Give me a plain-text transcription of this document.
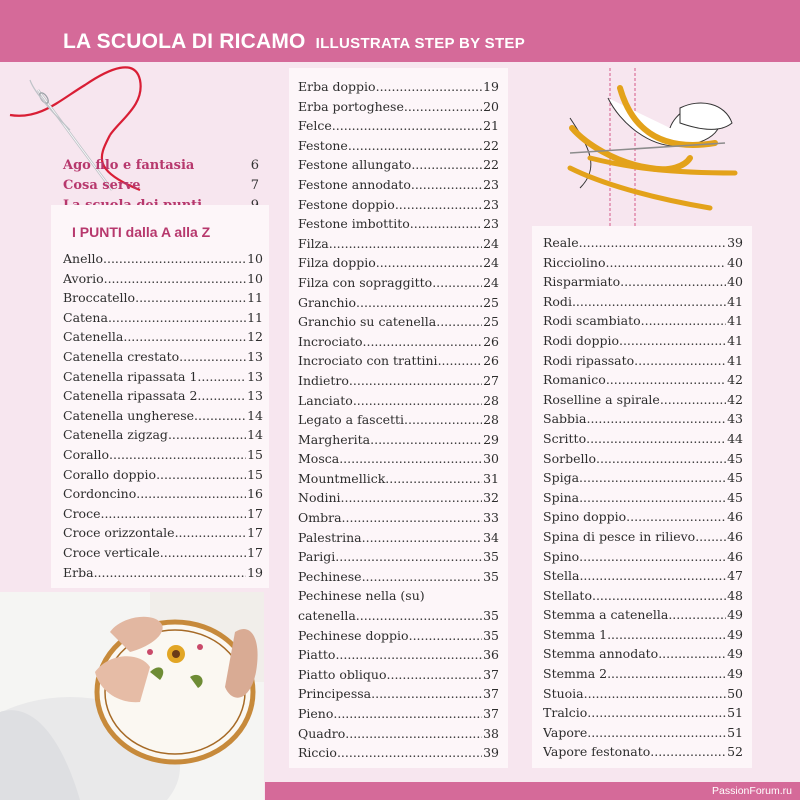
LA SCUOLA DI RICAMO ILLUSTRATA STEP BY STEP
Ago filo e fantasia	6
Cosa serve	7
I PUNTI dalla A alla Z
Anello .....	10
Avorio .....	10
Broccatello .....	11
Catena .....	11
Catenella .....	12
Catenella crestato .....	13
Catenella ripassata 1 .....	13
Catenella ripassata 2 .....	13
Catenella ungherese .....	14
Catenella zigzag .....	14
Corallo .....	15
Corallo doppio .....	15
Cordoncino .....	16
Croce .....	17
Croce orizzontale .....	17
Croce verticale .....	17
Erba .....	19
Erba doppio .....	19
Erba portoghese .....	20
Felce .....	21
Festone .....	22
Festone allungato .....	22
Festone annodato .....	23
Festone doppio .....	23
Festone imbottito .....	23
Filza .....	24
Filza doppio .....	24
Filza con sopraggitto .....	24
Granchio .....	25
Granchio su catenella .....	25
Incrociato .....	26
Incrociato con trattini .....	26
Indietro .....	27
Lanciato .....	28
Legato a fascetti .....	28
Margherita .....	29
Mosca .....	30
Mountmellick .....	31
Nodini .....	32
Ombra .....	33
Palestrina .....	34
Parigi .....	35
Pechinese .....	35
Pechinese nella (su)
catenella .....	35
Pechinese doppio .....	35
Piatto .....	36
Piatto obliquo .....	37
Principessa .....	37
Pieno .....	37
Quadro .....	38
Riccio .....	39
Reale .....	39
Ricciolino .....	40
Risparmiato .....	40
Rodi .....	41
Rodi scambiato .....	41
Rodi doppio .....	41
Rodi ripassato .....	41
Romanico .....	42
Roselline a spirale .....	42
Sabbia .....	43
Scritto .....	44
Sorbello .....	45
Spiga .....	45
Spina .....	45
Spino doppio .....	46
Spina di pesce in rilievo .....	46
Spino .....	46
Stella .....	47
Stellato .....	48
Stemma a catenella .....	49
Stemma 1 .....	49
Stemma annodato .....	49
Stemma 2 .....	49
Stuoia .....	50
Tralcio .....	51
Vapore .....	51
Vapore festonato .....	52
PassionForum.ru
